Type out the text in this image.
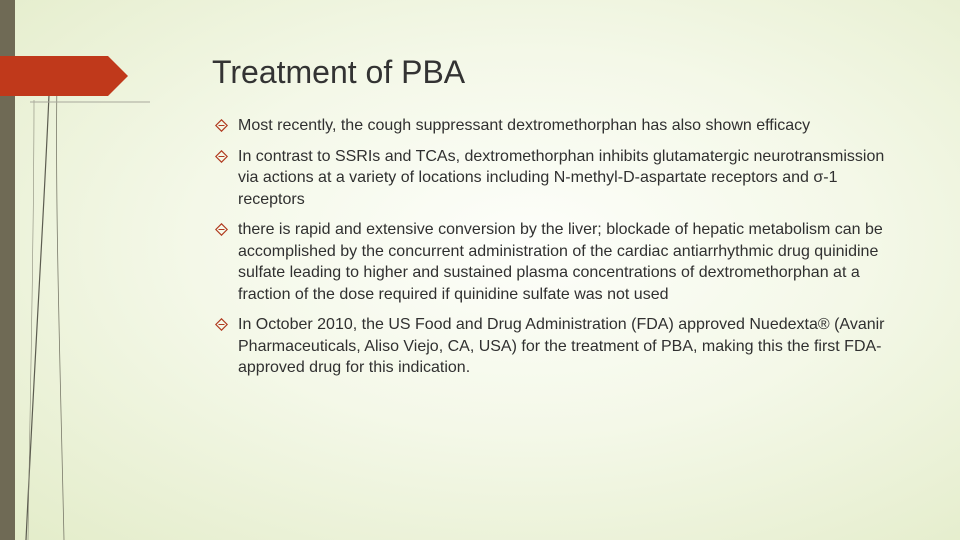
Treatment of PBA
Most recently, the cough suppressant dextromethorphan has also shown efficacy
In contrast to SSRIs and TCAs, dextromethorphan inhibits glutamatergic neurotransmission via actions at a variety of locations including N-methyl-D-aspartate receptors and σ-1 receptors
there is rapid and extensive conversion by the liver; blockade of hepatic metabolism can be accomplished by the concurrent administration of the cardiac antiarrhythmic drug quinidine sulfate leading to higher and sustained plasma concentrations of dextromethorphan at a fraction of the dose required if quinidine sulfate was not used
In October 2010, the US Food and Drug Administration (FDA) approved Nuedexta® (Avanir Pharmaceuticals, Aliso Viejo, CA, USA) for the treatment of PBA, making this the first FDA-approved drug for this indication.
